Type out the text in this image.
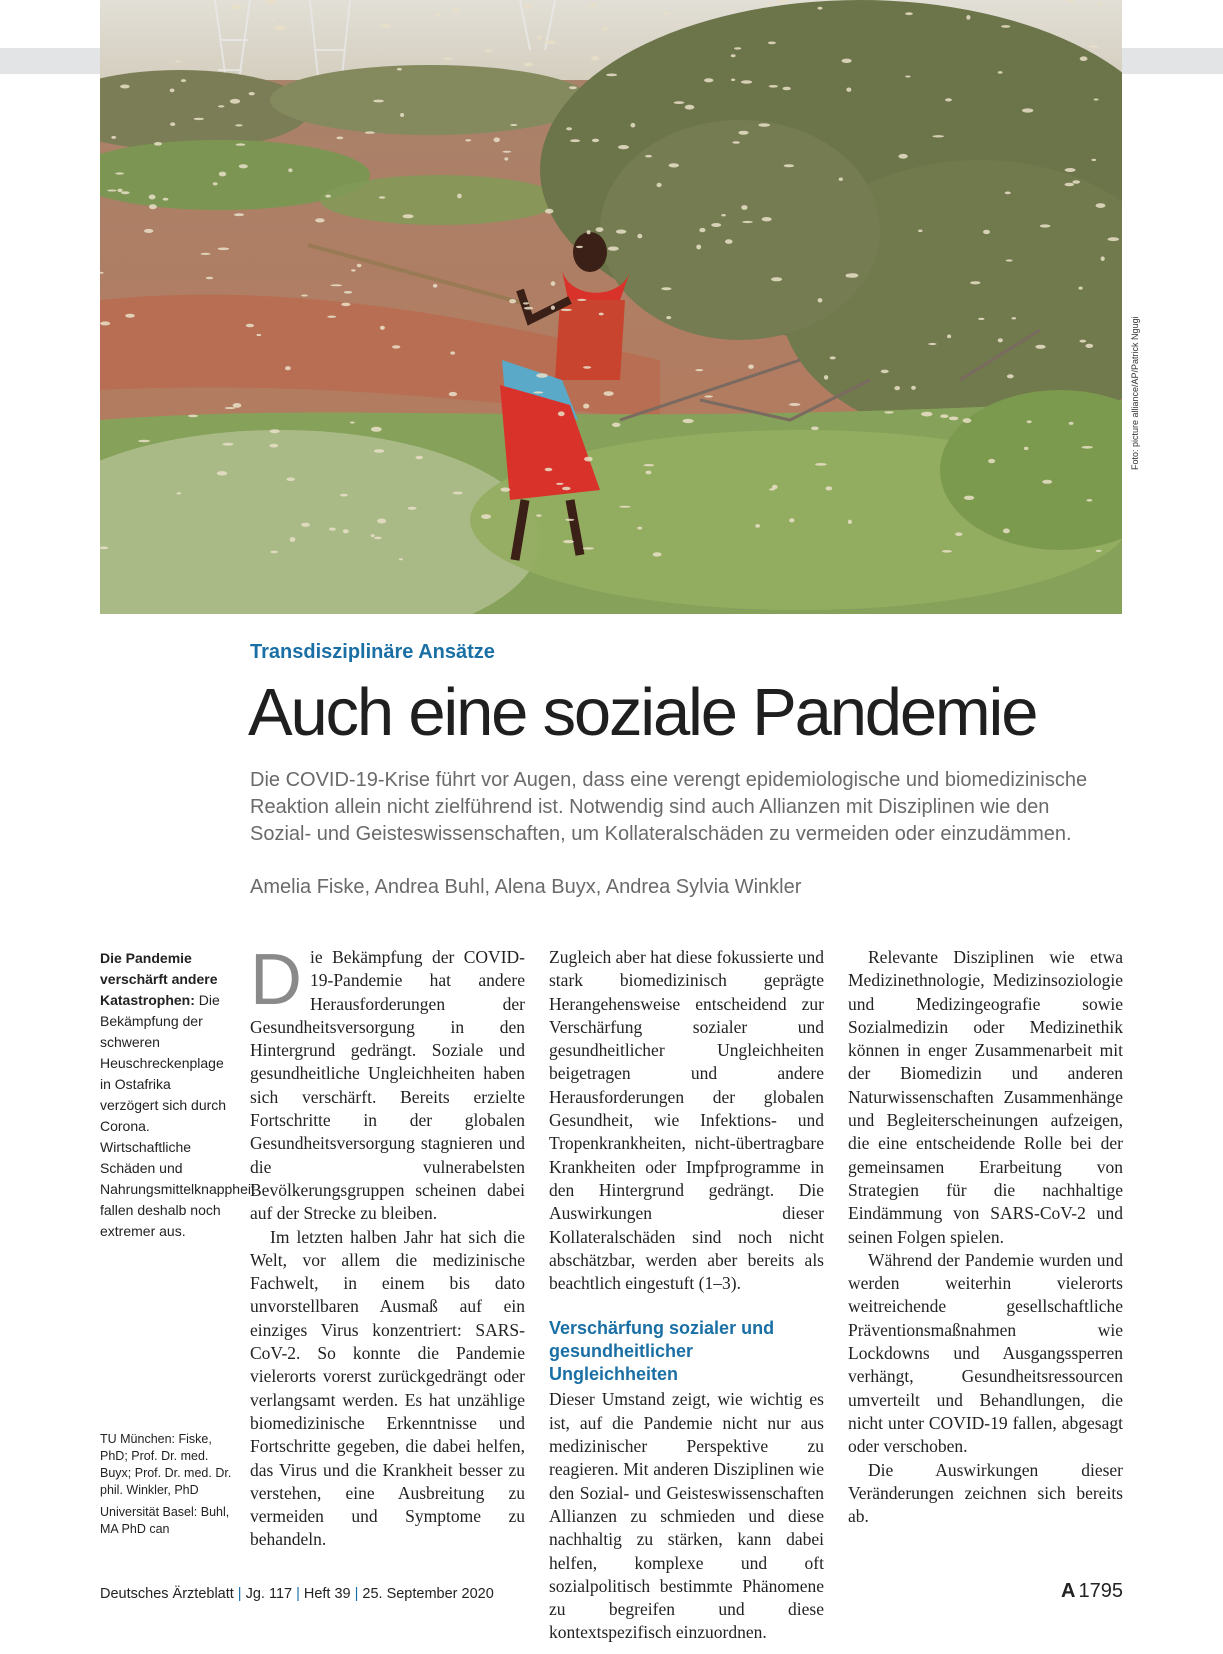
Foto: picture alliance/AP/Patrick Ngugi
Transdisziplinäre Ansätze
Auch eine soziale Pandemie
Die COVID-19-Krise führt vor Augen, dass eine verengt epidemiologische und biomedizinische Reaktion allein nicht zielführend ist. Notwendig sind auch Allianzen mit Disziplinen wie den Sozial- und Geisteswissenschaften, um Kollateralschäden zu vermeiden oder einzudämmen.
Amelia Fiske, Andrea Buhl, Alena Buyx, Andrea Sylvia Winkler
Die Pandemie verschärft andere Katastrophen: Die Bekämpfung der schweren Heuschreckenplage in Ostafrika verzögert sich durch Corona. Wirtschaftliche Schäden und Nahrungsmittelknappheit fallen deshalb noch extremer aus.

TU München: Fiske, PhD; Prof. Dr. med. Buyx; Prof. Dr. med. Dr. phil. Winkler, PhD

Universität Basel: Buhl, MA PhD can

Die Bekämpfung der COVID-19-Pandemie hat andere Herausforderungen der Gesundheitsversorgung in den Hintergrund gedrängt. Soziale und gesundheitliche Ungleichheiten haben sich verschärft. Bereits erzielte Fortschritte in der globalen Gesundheitsversorgung stagnieren und die vulnerabelsten Bevölkerungsgruppen scheinen dabei auf der Strecke zu bleiben.

Im letzten halben Jahr hat sich die Welt, vor allem die medizinische Fachwelt, in einem bis dato unvorstellbaren Ausmaß auf ein einziges Virus konzentriert: SARS-CoV-2. So konnte die Pandemie vielerorts vorerst zurückgedrängt oder verlangsamt werden. Es hat unzählige biomedizinische Erkenntnisse und Fortschritte gegeben, die dabei helfen, das Virus und die Krankheit besser zu verstehen, eine Ausbreitung zu vermeiden und Symptome zu behandeln.

Zugleich aber hat diese fokussierte und stark biomedizinisch geprägte Herangehensweise entscheidend zur Verschärfung sozialer und gesundheitlicher Ungleichheiten beigetragen und andere Herausforderungen der globalen Gesundheit, wie Infektions- und Tropenkrankheiten, nicht-übertragbare Krankheiten oder Impfprogramme in den Hintergrund gedrängt. Die Auswirkungen dieser Kollateralschäden sind noch nicht abschätzbar, werden aber bereits als beachtlich eingestuft (1–3).

Verschärfung sozialer und gesundheitlicher Ungleichheiten

Dieser Umstand zeigt, wie wichtig es ist, auf die Pandemie nicht nur aus medizinischer Perspektive zu reagieren. Mit anderen Disziplinen wie den Sozial- und Geisteswissenschaften Allianzen zu schmieden und diese nachhaltig zu stärken, kann dabei helfen, komplexe und oft sozialpolitisch bestimmte Phänomene zu begreifen und diese kontextspezifisch einzuordnen.

Relevante Disziplinen wie etwa Medizinethnologie, Medizinsoziologie und Medizingeografie sowie Sozialmedizin oder Medizinethik können in enger Zusammenarbeit mit der Biomedizin und anderen Naturwissenschaften Zusammenhänge und Begleiterscheinungen aufzeigen, die eine entscheidende Rolle bei der gemeinsamen Erarbeitung von Strategien für die nachhaltige Eindämmung von SARS-CoV-2 und seinen Folgen spielen.

Während der Pandemie wurden und werden weiterhin vielerorts weitreichende gesellschaftliche Präventionsmaßnahmen wie Lockdowns und Ausgangssperren verhängt, Gesundheitsressourcen umverteilt und Behandlungen, die nicht unter COVID-19 fallen, abgesagt oder verschoben.

Die Auswirkungen dieser Veränderungen zeichnen sich bereits ab.

Deutsches Ärzteblatt | Jg. 117 | Heft 39 | 25. September 2020	A 1795
